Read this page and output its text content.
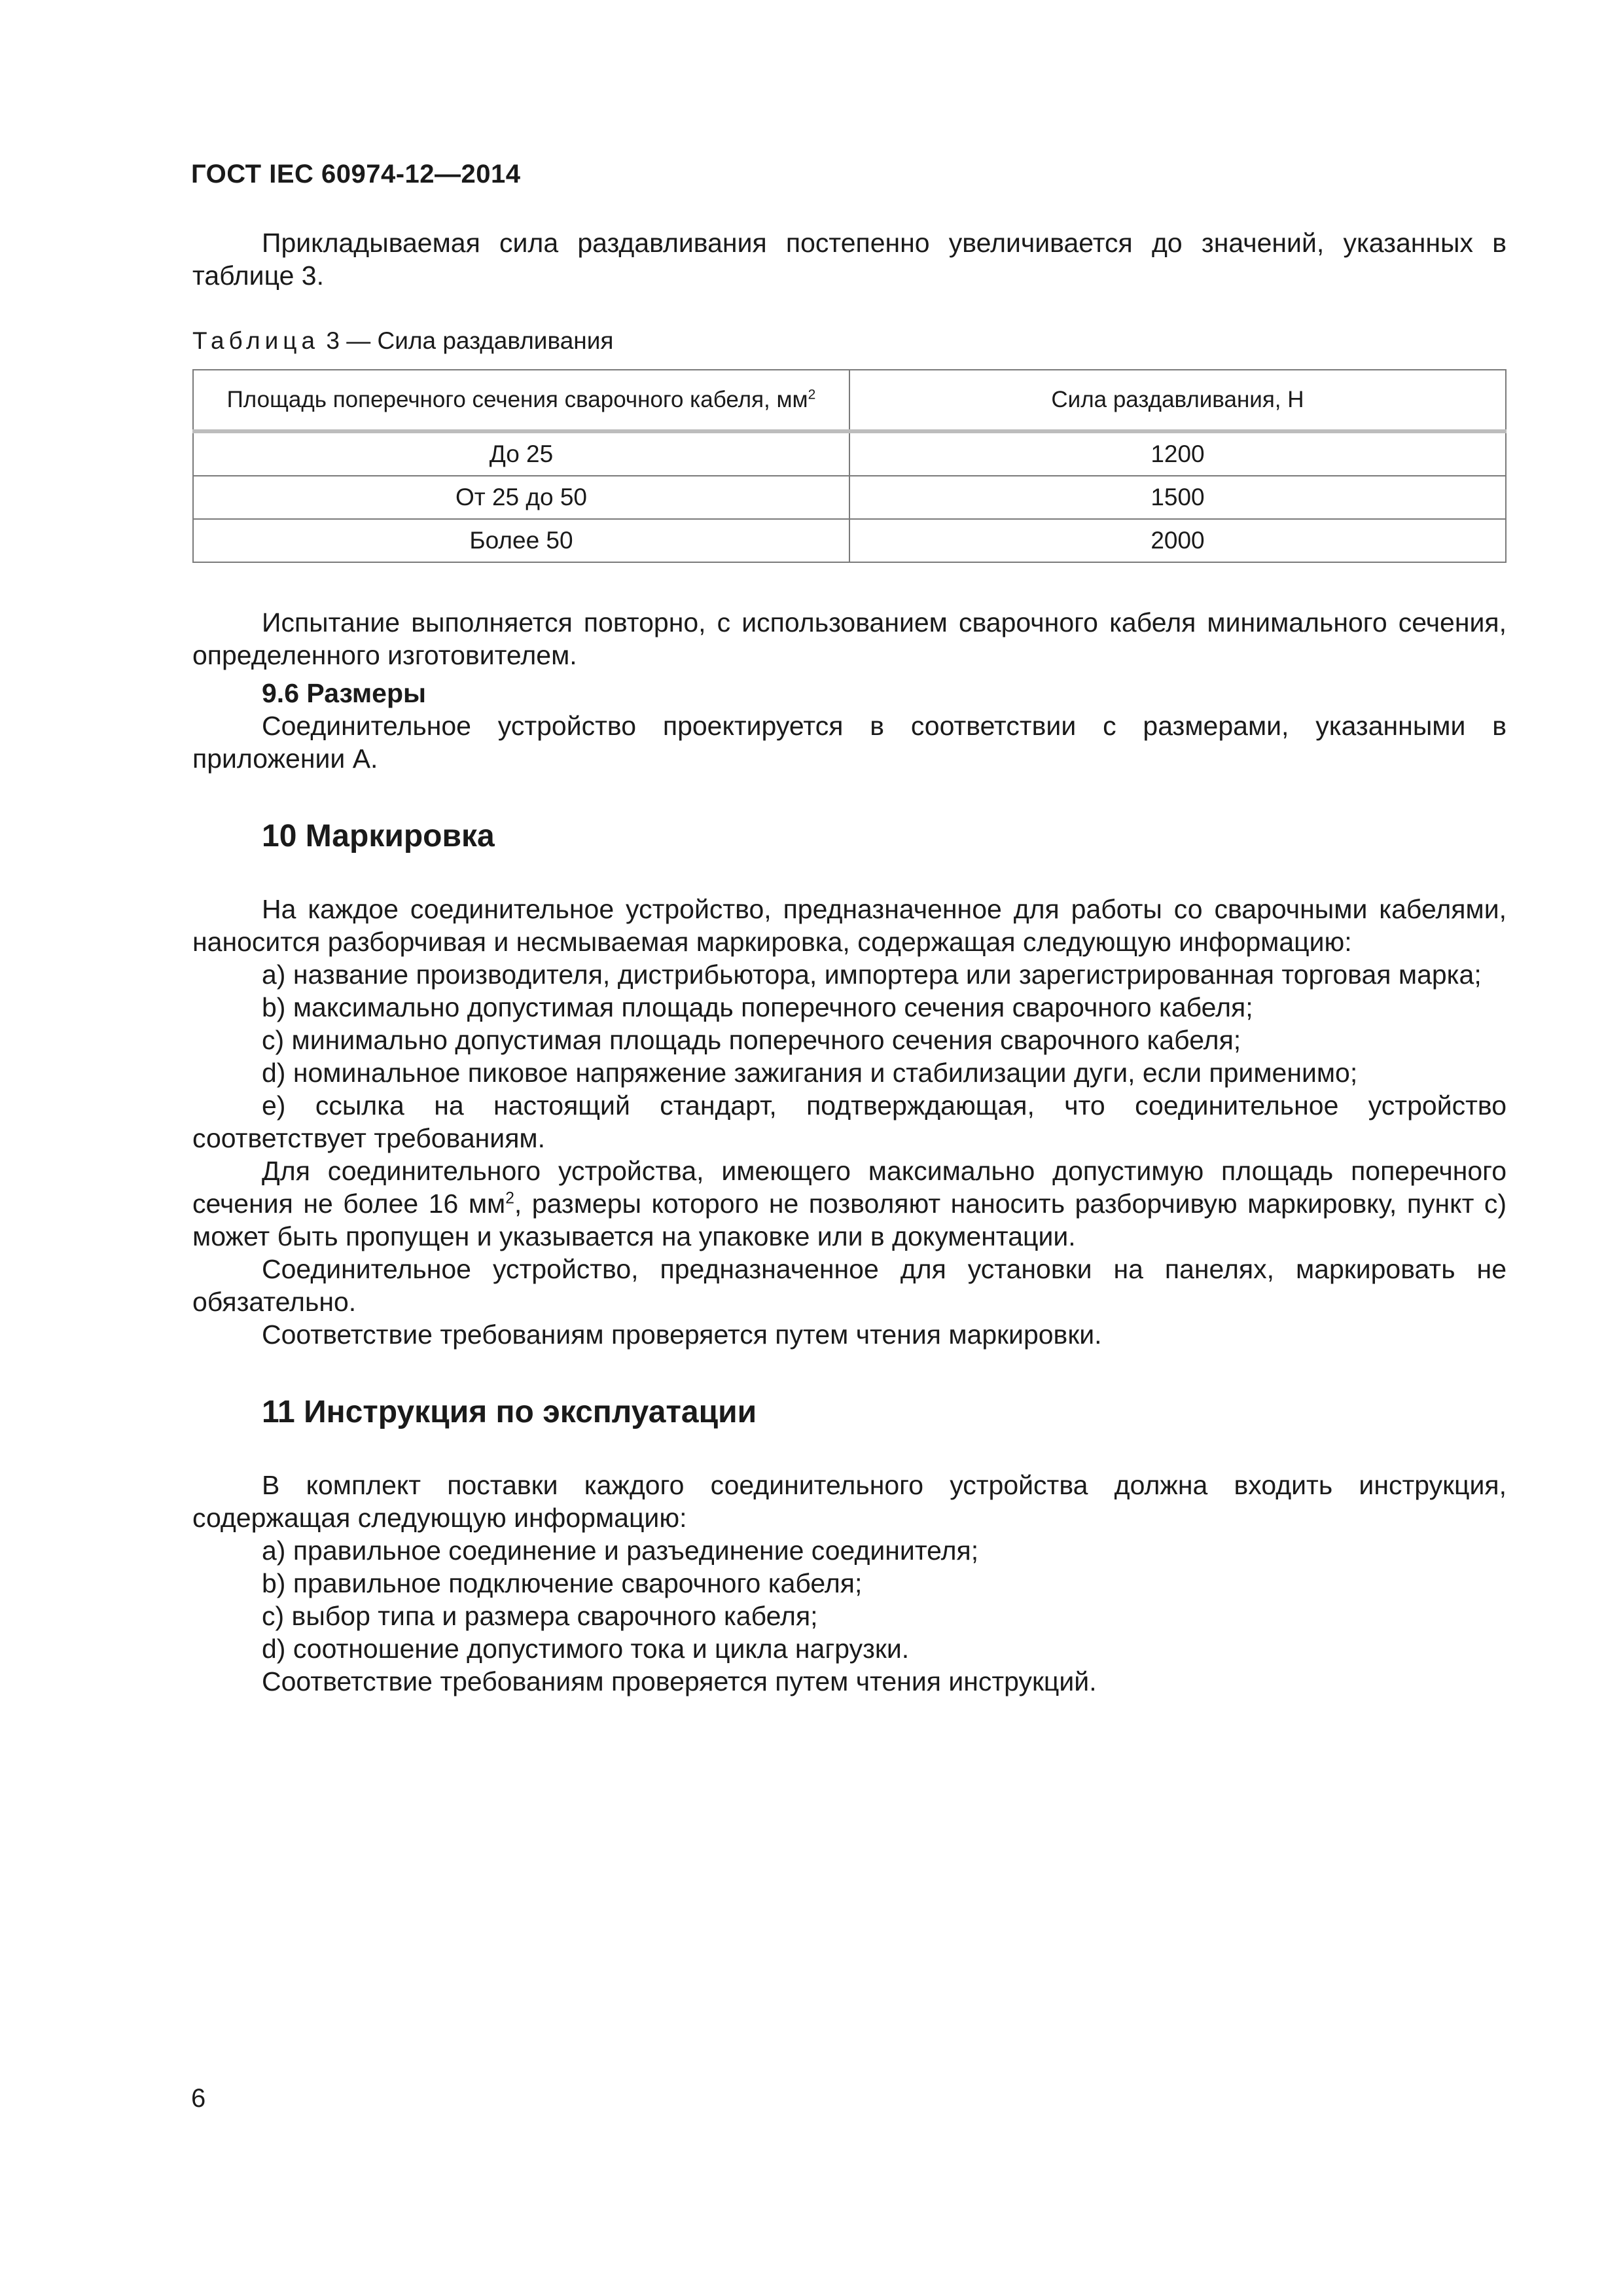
ГОСТ IEC 60974-12—2014

Прикладываемая сила раздавливания постепенно увеличивается до значений, указанных в таблице 3.

Таблица 3 — Сила раздавливания
Площадь поперечного сечения сварочного кабеля, $мм^2$	Сила раздавливания, Н
До 25	1200
От 25 до 50	1500
Более 50	2000

Испытание выполняется повторно, с использованием сварочного кабеля минимального сечения, определенного изготовителем.

9.6 Размеры

Соединительное устройство проектируется в соответствии с размерами, указанными в приложении А.

10 Маркировка

На каждое соединительное устройство, предназначенное для работы со сварочными кабелями, наносится разборчивая и несмываемая маркировка, содержащая следующую информацию:

a) название производителя, дистрибьютора, импортера или зарегистрированная торговая марка;

b) максимально допустимая площадь поперечного сечения сварочного кабеля;

c) минимально допустимая площадь поперечного сечения сварочного кабеля;

d) номинальное пиковое напряжение зажигания и стабилизации дуги, если применимо;

e) ссылка на настоящий стандарт, подтверждающая, что соединительное устройство соответствует требованиям.

Для соединительного устройства, имеющего максимально допустимую площадь поперечного сечения не более 16 $мм^2$, размеры которого не позволяют наносить разборчивую маркировку, пункт с) может быть пропущен и указывается на упаковке или в документации.

Соединительное устройство, предназначенное для установки на панелях, маркировать не обязательно.

Соответствие требованиям проверяется путем чтения маркировки.

11 Инструкция по эксплуатации

В комплект поставки каждого соединительного устройства должна входить инструкция, содержащая следующую информацию:

a) правильное соединение и разъединение соединителя;

b) правильное подключение сварочного кабеля;

c) выбор типа и размера сварочного кабеля;

d) соотношение допустимого тока и цикла нагрузки.

Соответствие требованиям проверяется путем чтения инструкций.

6
